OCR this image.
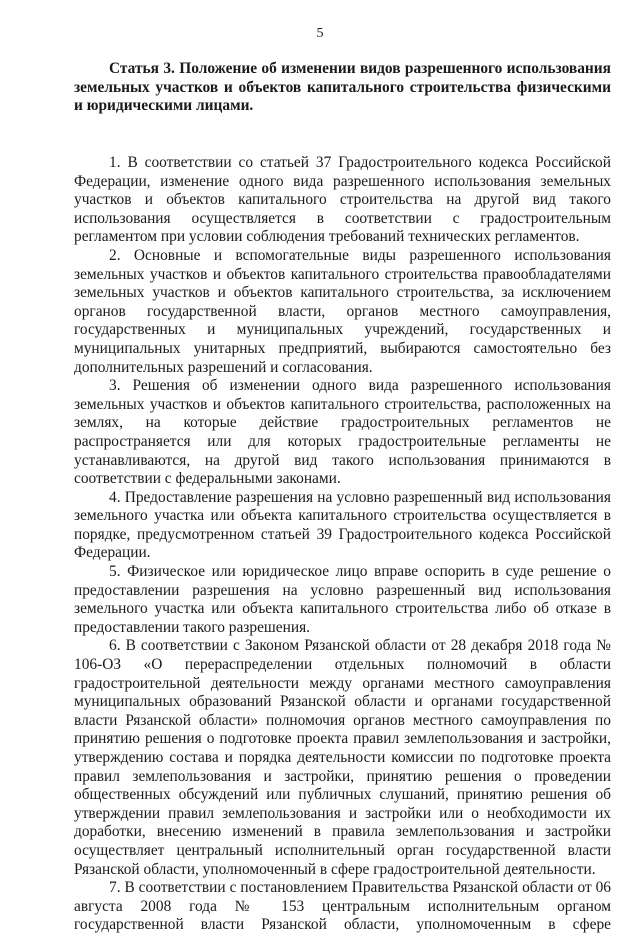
5
Статья 3. Положение об изменении видов разрешенного использования земельных участков и объектов капитального строительства физическими и юридическими лицами.

1. В соответствии со статьей 37 Градостроительного кодекса Российской Федерации, изменение одного вида разрешенного использования земельных участков и объектов капитального строительства на другой вид такого использования осуществляется в соответствии с градостроительным регламентом при условии соблюдения требований технических регламентов.

2. Основные и вспомогательные виды разрешенного использования земельных участков и объектов капитального строительства правообладателями земельных участков и объектов капитального строительства, за исключением органов государственной власти, органов местного самоуправления, государственных и муниципальных учреждений, государственных и муниципальных унитарных предприятий, выбираются самостоятельно без дополнительных разрешений и согласования.

3. Решения об изменении одного вида разрешенного использования земельных участков и объектов капитального строительства, расположенных на землях, на которые действие градостроительных регламентов не распространяется или для которых градостроительные регламенты не устанавливаются, на другой вид такого использования принимаются в соответствии с федеральными законами.

4. Предоставление разрешения на условно разрешенный вид использования земельного участка или объекта капитального строительства осуществляется в порядке, предусмотренном статьей 39 Градостроительного кодекса Российской Федерации.

5. Физическое или юридическое лицо вправе оспорить в суде решение о предоставлении разрешения на условно разрешенный вид использования земельного участка или объекта капитального строительства либо об отказе в предоставлении такого разрешения.

6. В соответствии с Законом Рязанской области от 28 декабря 2018 года № 106-ОЗ «О перераспределении отдельных полномочий в области градостроительной деятельности между органами местного самоуправления муниципальных образований Рязанской области и органами государственной власти Рязанской области» полномочия органов местного самоуправления по принятию решения о подготовке проекта правил землепользования и застройки, утверждению состава и порядка деятельности комиссии по подготовке проекта правил землепользования и застройки, принятию решения о проведении общественных обсуждений или публичных слушаний, принятию решения об утверждении правил землепользования и застройки или о необходимости их доработки, внесению изменений в правила землепользования и застройки осуществляет центральный исполнительный орган государственной власти Рязанской области, уполномоченный в сфере градостроительной деятельности.

7. В соответствии с постановлением Правительства Рязанской области от 06 августа 2008 года № 153 центральным исполнительным органом государственной власти Рязанской области, уполномоченным в сфере
